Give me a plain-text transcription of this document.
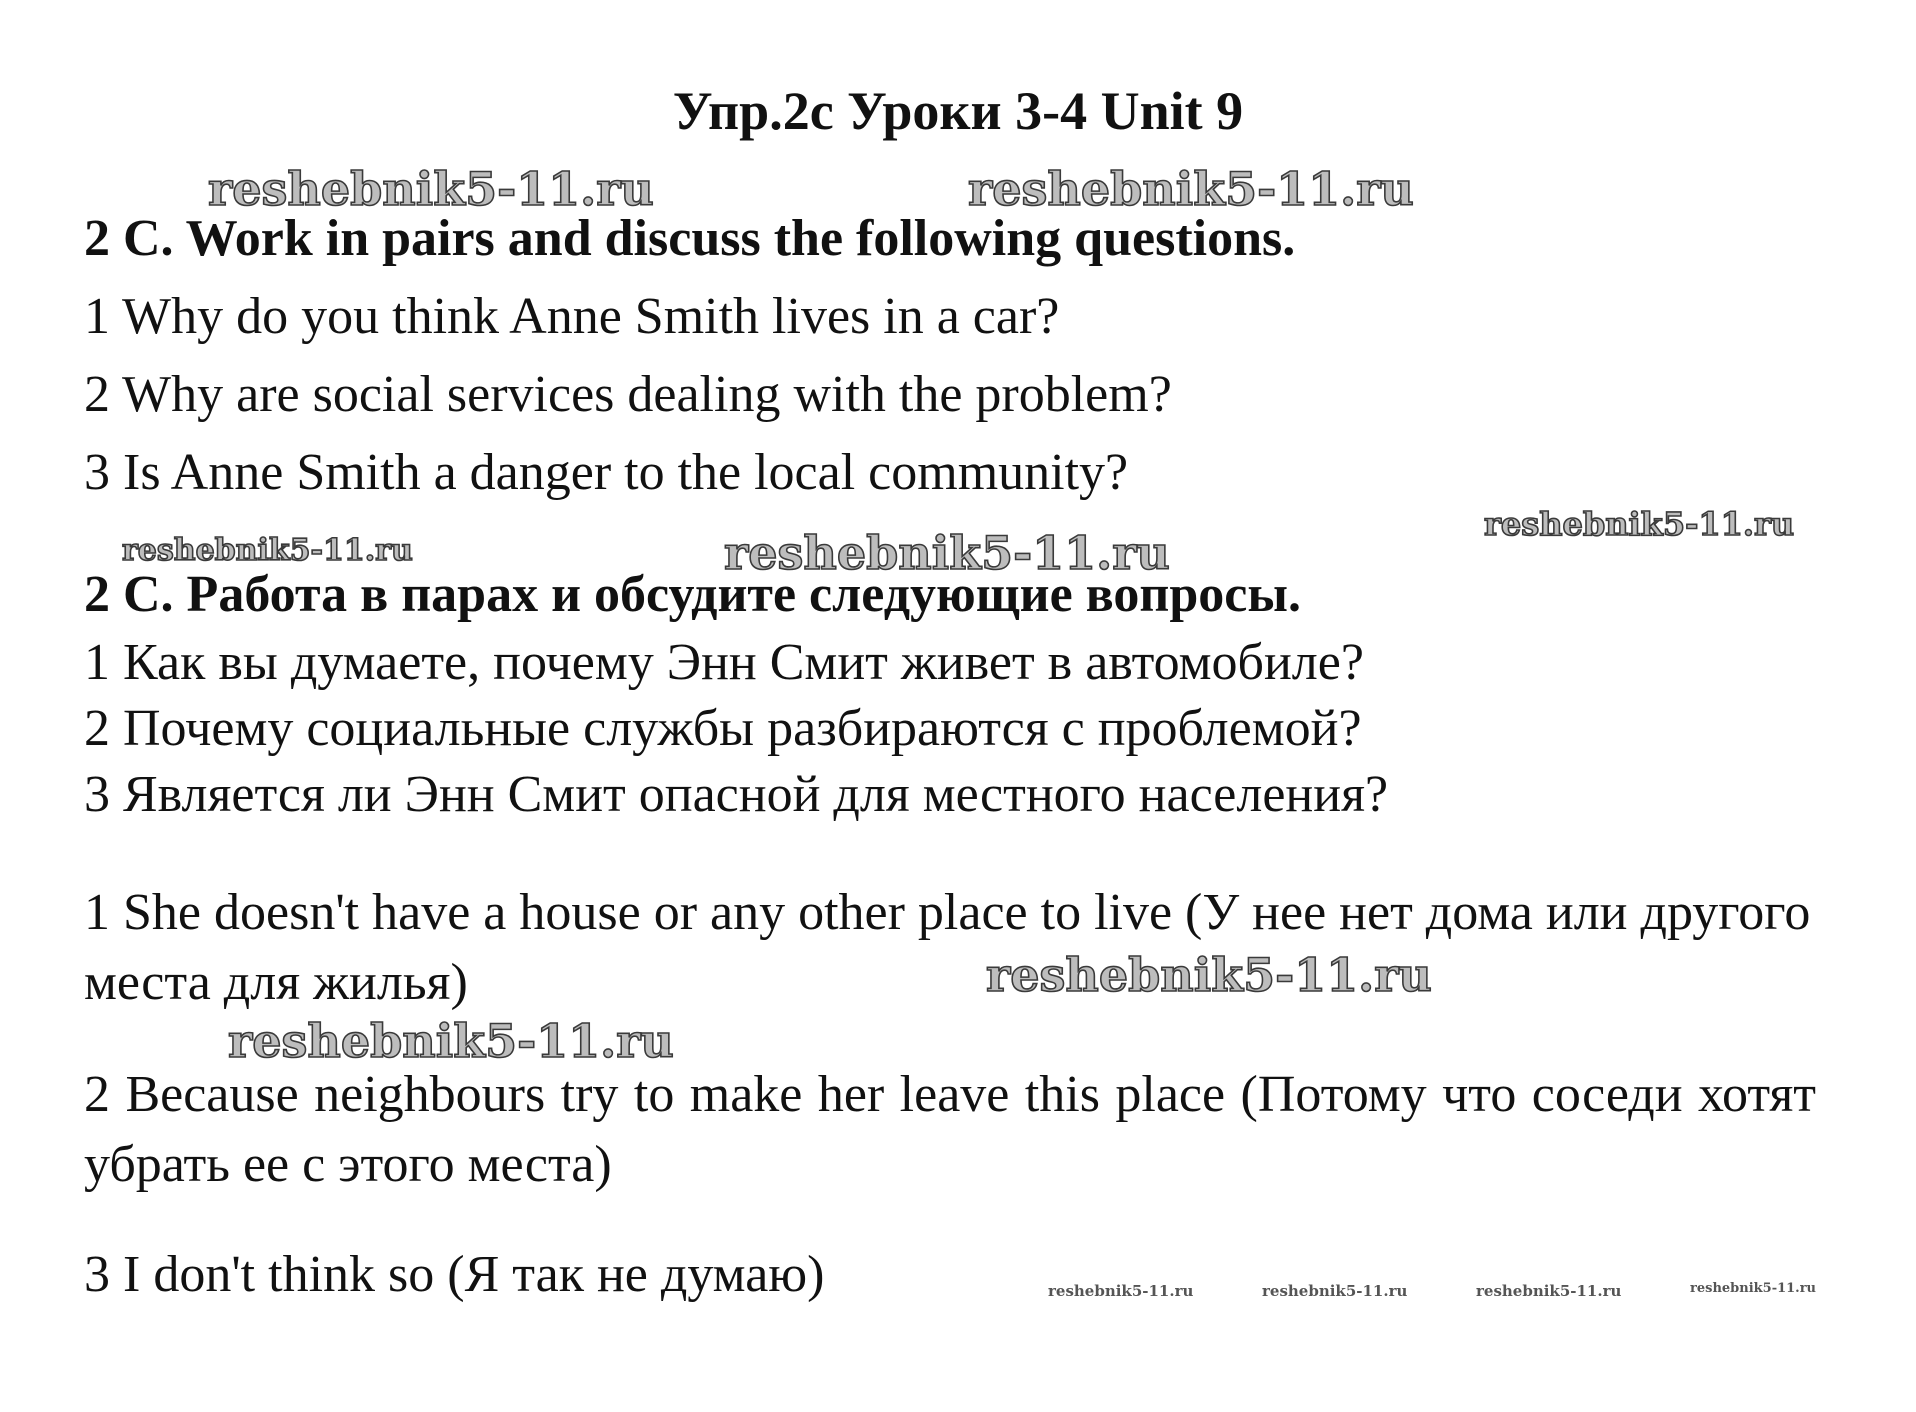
Упр.2с Уроки 3-4 Unit 9
reshebnik5-11.ru	reshebnik5-11.ru
2 C. Work in pairs and discuss the following questions.
1 Why do you think Anne Smith lives in a car?
2 Why are social services dealing with the problem?
3 Is Anne Smith a danger to the local community?
reshebnik5-11.ru
reshebnik5-11.ru	reshebnik5-11.ru
2 С. Работа в парах и обсудите следующие вопросы.
1 Как вы думаете, почему Энн Смит живет в автомобиле?
2 Почему социальные службы разбираются с проблемой?
3 Является ли Энн Смит опасной для местного населения?
1 She doesn't have a house or any other place to live (У нее нет дома или другого места для жилья)	reshebnik5-11.ru
reshebnik5-11.ru
2 Because neighbours try to make her leave this place (Потому что соседи хотят убрать ее с этого места)
3 I don't think so (Я так не думаю)	reshebnik5-11.ru	reshebnik5-11.ru	reshebnik5-11.ru	reshebnik5-11.ru
